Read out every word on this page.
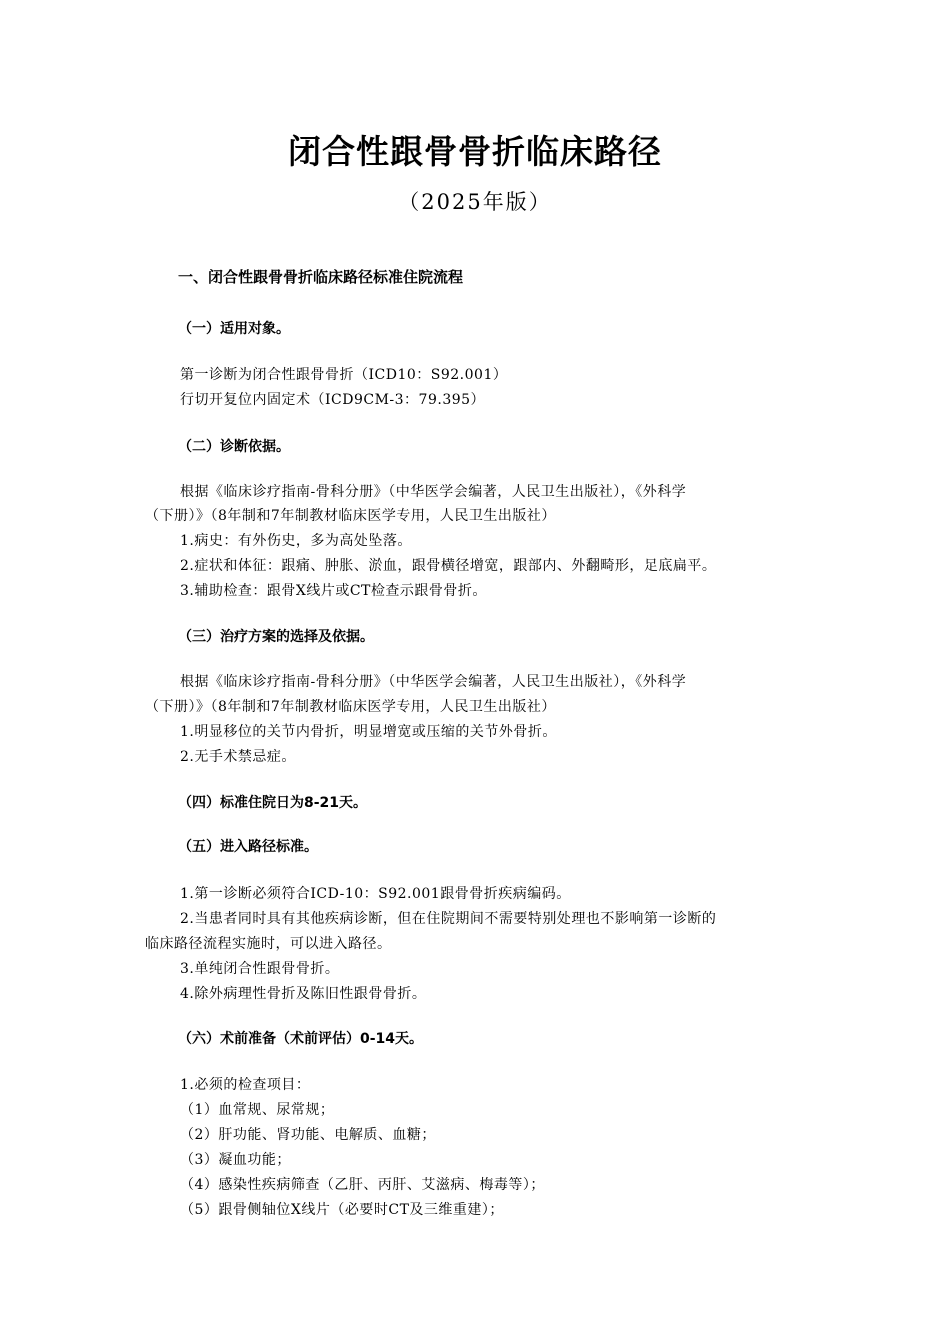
闭合性跟骨骨折临床路径
（2025年版）
一、闭合性跟骨骨折临床路径标准住院流程
（一）适用对象。
第一诊断为闭合性跟骨骨折（ICD10：S92.001）
行切开复位内固定术（ICD9CM-3：79.395）
（二）诊断依据。
根据《临床诊疗指南-骨科分册》（中华医学会编著，人民卫生出版社），《外科学
（下册）》（8年制和7年制教材临床医学专用，人民卫生出版社）
1.病史：有外伤史，多为高处坠落。
2.症状和体征：跟痛、肿胀、淤血，跟骨横径增宽，跟部内、外翻畸形，足底扁平。
3.辅助检查：跟骨X线片或CT检查示跟骨骨折。
（三）治疗方案的选择及依据。
根据《临床诊疗指南-骨科分册》（中华医学会编著，人民卫生出版社），《外科学
（下册）》（8年制和7年制教材临床医学专用，人民卫生出版社）
1.明显移位的关节内骨折，明显增宽或压缩的关节外骨折。
2.无手术禁忌症。
（四）标准住院日为8-21天。
（五）进入路径标准。
1.第一诊断必须符合ICD-10：S92.001跟骨骨折疾病编码。
2.当患者同时具有其他疾病诊断，但在住院期间不需要特别处理也不影响第一诊断的
临床路径流程实施时，可以进入路径。
3.单纯闭合性跟骨骨折。
4.除外病理性骨折及陈旧性跟骨骨折。
（六）术前准备（术前评估）0-14天。
1.必须的检查项目：
（1）血常规、尿常规；
（2）肝功能、肾功能、电解质、血糖；
（3）凝血功能；
（4）感染性疾病筛查（乙肝、丙肝、艾滋病、梅毒等）；
（5）跟骨侧轴位X线片（必要时CT及三维重建）；
